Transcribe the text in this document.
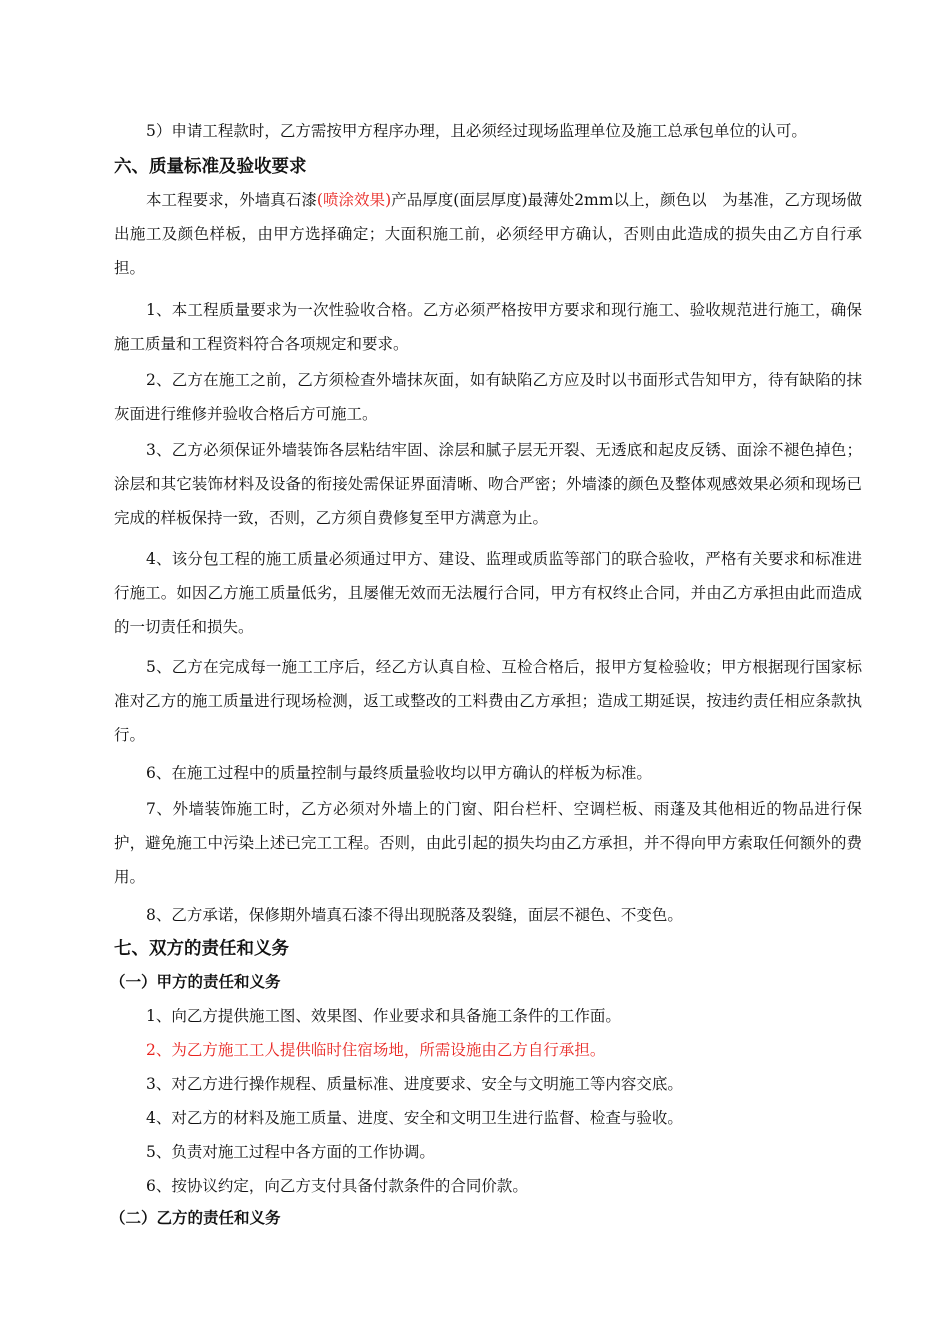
5）申请工程款时，乙方需按甲方程序办理，且必须经过现场监理单位及施工总承包单位的认可。

六、质量标准及验收要求

本工程要求，外墙真石漆(喷涂效果)产品厚度(面层厚度)最薄处2mm以上，颜色以　为基准，乙方现场做出施工及颜色样板，由甲方选择确定；大面积施工前，必须经甲方确认，否则由此造成的损失由乙方自行承担。

1、本工程质量要求为一次性验收合格。乙方必须严格按甲方要求和现行施工、验收规范进行施工，确保施工质量和工程资料符合各项规定和要求。

2、乙方在施工之前，乙方须检查外墙抹灰面，如有缺陷乙方应及时以书面形式告知甲方，待有缺陷的抹灰面进行维修并验收合格后方可施工。

3、乙方必须保证外墙装饰各层粘结牢固、涂层和腻子层无开裂、无透底和起皮反锈、面涂不褪色掉色；涂层和其它装饰材料及设备的衔接处需保证界面清晰、吻合严密；外墙漆的颜色及整体观感效果必须和现场已完成的样板保持一致，否则，乙方须自费修复至甲方满意为止。

4、该分包工程的施工质量必须通过甲方、建设、监理或质监等部门的联合验收，严格有关要求和标准进行施工。如因乙方施工质量低劣，且屡催无效而无法履行合同，甲方有权终止合同，并由乙方承担由此而造成的一切责任和损失。

5、乙方在完成每一施工工序后，经乙方认真自检、互检合格后，报甲方复检验收；甲方根据现行国家标准对乙方的施工质量进行现场检测，返工或整改的工料费由乙方承担；造成工期延误，按违约责任相应条款执行。

6、在施工过程中的质量控制与最终质量验收均以甲方确认的样板为标准。

7、外墙装饰施工时，乙方必须对外墙上的门窗、阳台栏杆、空调栏板、雨蓬及其他相近的物品进行保护，避免施工中污染上述已完工工程。否则，由此引起的损失均由乙方承担，并不得向甲方索取任何额外的费用。

8、乙方承诺，保修期外墙真石漆不得出现脱落及裂缝，面层不褪色、不变色。

七、双方的责任和义务
（一）甲方的责任和义务

1、向乙方提供施工图、效果图、作业要求和具备施工条件的工作面。

2、为乙方施工工人提供临时住宿场地，所需设施由乙方自行承担。

3、对乙方进行操作规程、质量标准、进度要求、安全与文明施工等内容交底。

4、对乙方的材料及施工质量、进度、安全和文明卫生进行监督、检查与验收。

5、负责对施工过程中各方面的工作协调。

6、按协议约定，向乙方支付具备付款条件的合同价款。

（二）乙方的责任和义务
